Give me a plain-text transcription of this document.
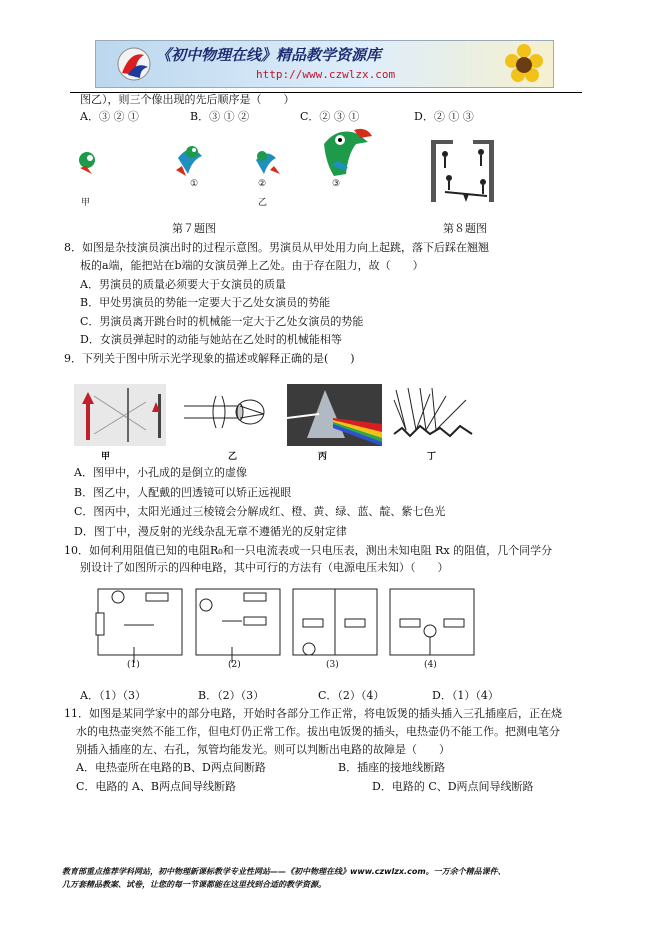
《初中物理在线》精品教学资源库
http://www.czwlzx.com
图乙），则三个像出现的先后顺序是（　　）
A．③ ② ①	B．③ ① ②	C．② ③ ①	D．② ① ③
甲
①	②
乙
③
第７题图	第８题图
8．如图是杂技演员演出时的过程示意图。男演员从甲处用力向上起跳，落下后踩在翘翘
板的a端，能把站在b端的女演员弹上乙处。由于存在阻力，故（　　）
A．男演员的质量必须要大于女演员的质量
B．甲处男演员的势能一定要大于乙处女演员的势能
C．男演员离开跳台时的机械能一定大于乙处女演员的势能
D．女演员弹起时的动能与她站在乙处时的机械能相等
9．下列关于图中所示光学现象的描述或解释正确的是(　　)
甲	乙	丙	丁
A．图甲中，小孔成的是倒立的虚像
B．图乙中，人配戴的凹透镜可以矫正远视眼
C．图丙中，太阳光通过三棱镜会分解成红、橙、黄、绿、蓝、靛、紫七色光
D．图丁中，漫反射的光线杂乱无章不遵循光的反射定律
10．如何利用阻值已知的电阻R₀和一只电流表或一只电压表，测出未知电阻 Rx 的阻值，几个同学分
别设计了如图所示的四种电路，其中可行的方法有（电源电压未知）（　　）
(1)	(2)	(3)	(4)
A．（1）（3）	B．（2）（3）	C．（2）（4）	D．（1）（4）
11．如图是某同学家中的部分电路，开始时各部分工作正常，将电饭煲的插头插入三孔插座后，正在烧
水的电热壶突然不能工作，但电灯仍正常工作。拔出电饭煲的插头，电热壶仍不能工作。把测电笔分
别插入插座的左、右孔，氖管均能发光。则可以判断出电路的故障是（　　）
A．电热壶所在电路的B、D两点间断路	B．插座的接地线断路
C．电路的 A、B两点间导线断路	D．电路的 C、D两点间导线断路
教育部重点推荐学科网站，初中物理新课标教学专业性网站——《初中物理在线》www.czwlzx.com。一万余个精品课件、
几万套精品教案、试卷，让您的每一节课都能在这里找到合适的教学资源。
